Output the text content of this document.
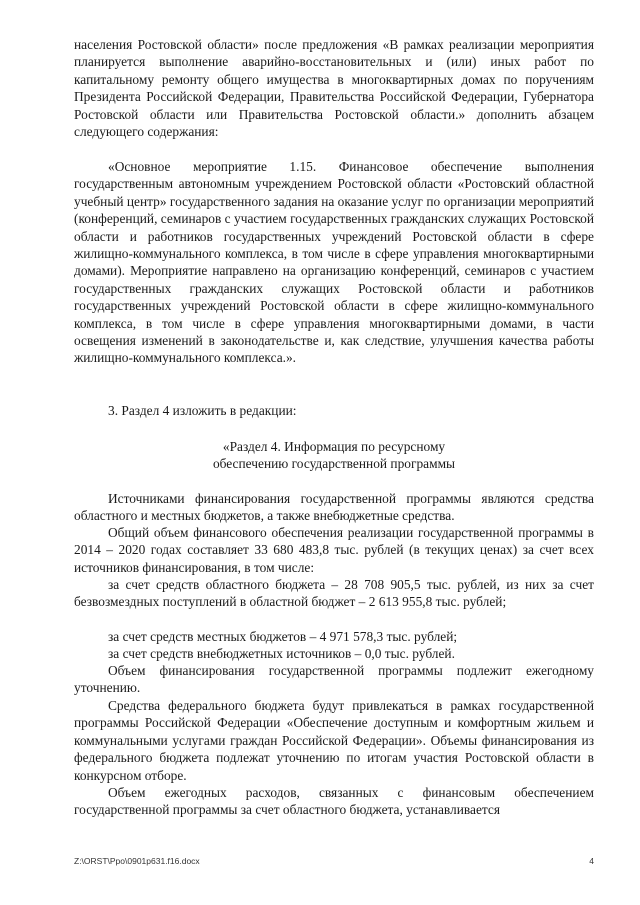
населения Ростовской области» после предложения «В рамках реализации мероприятия планируется выполнение аварийно-восстановительных и (или) иных работ по капитальному ремонту общего имущества в многоквартирных домах по поручениям Президента Российской Федерации, Правительства Российской Федерации, Губернатора Ростовской области или Правительства Ростовской области.» дополнить абзацем следующего содержания:

«Основное мероприятие 1.15. Финансовое обеспечение выполнения государственным автономным учреждением Ростовской области «Ростовский областной учебный центр» государственного задания на оказание услуг по организации мероприятий (конференций, семинаров с участием государственных гражданских служащих Ростовской области и работников государственных учреждений Ростовской области в сфере жилищно-коммунального комплекса, в том числе в сфере управления многоквартирными домами). Мероприятие направлено на организацию конференций, семинаров с участием государственных гражданских служащих Ростовской области и работников государственных учреждений Ростовской области в сфере жилищно-коммунального комплекса, в том числе в сфере управления многоквартирными домами, в части освещения изменений в законодательстве и, как следствие, улучшения качества работы жилищно-коммунального комплекса.».

3. Раздел 4 изложить в редакции:

«Раздел 4. Информация по ресурсному
обеспечению государственной программы

Источниками финансирования государственной программы являются средства областного и местных бюджетов, а также внебюджетные средства.

Общий объем финансового обеспечения реализации государственной программы в 2014 – 2020 годах составляет 33 680 483,8 тыс. рублей (в текущих ценах) за счет всех источников финансирования, в том числе:

за счет средств областного бюджета – 28 708 905,5 тыс. рублей, из них за счет безвозмездных поступлений в областной бюджет – 2 613 955,8 тыс. рублей;

за счет средств местных бюджетов – 4 971 578,3 тыс. рублей;

за счет средств внебюджетных источников – 0,0 тыс. рублей.

Объем финансирования государственной программы подлежит ежегодному уточнению.

Средства федерального бюджета будут привлекаться в рамках государственной программы Российской Федерации «Обеспечение доступным и комфортным жильем и коммунальными услугами граждан Российской Федерации». Объемы финансирования из федерального бюджета подлежат уточнению по итогам участия Ростовской области в конкурсном отборе.

Объем ежегодных расходов, связанных с финансовым обеспечением государственной программы за счет областного бюджета, устанавливается

Z:\ORST\Ppo\0901p631.f16.docx	4
